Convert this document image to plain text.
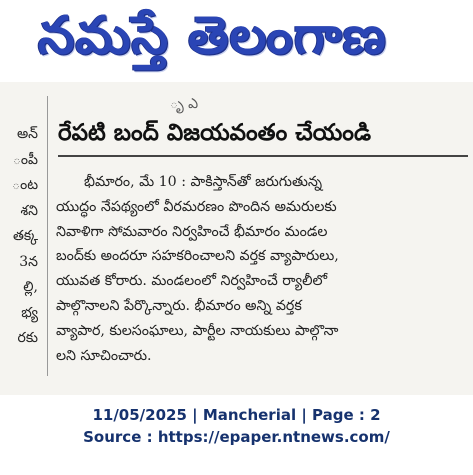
నమస్తే తెలంగాణ
అన్
ంపీ
ంట
శని
తక్క
3న
ల్లి,
భ్య
రకు
ృ ఎ
రేపటి బంద్ విజయవంతం చేయండి
భీమారం, మే 10 : పాకిస్తాన్‌తో జరుగుతున్న
యుద్ధం నేపథ్యంలో వీరమరణం పొందిన అమరులకు
నివాళిగా సోమవారం నిర్వహించే భీమారం మండల
బంద్‌కు అందరూ సహకరించాలని వర్తక వ్యాపారులు,
యువత కోరారు. మండలంలో నిర్వహించే ర్యాలీలో
పాల్గొనాలని పేర్కొన్నారు. భీమారం అన్ని వర్తక
వ్యాపార, కులసంఘాలు, పార్టీల నాయకులు పాల్గొనా
లని సూచించారు.
11/05/2025 | Mancherial | Page : 2
Source : https://epaper.ntnews.com/
